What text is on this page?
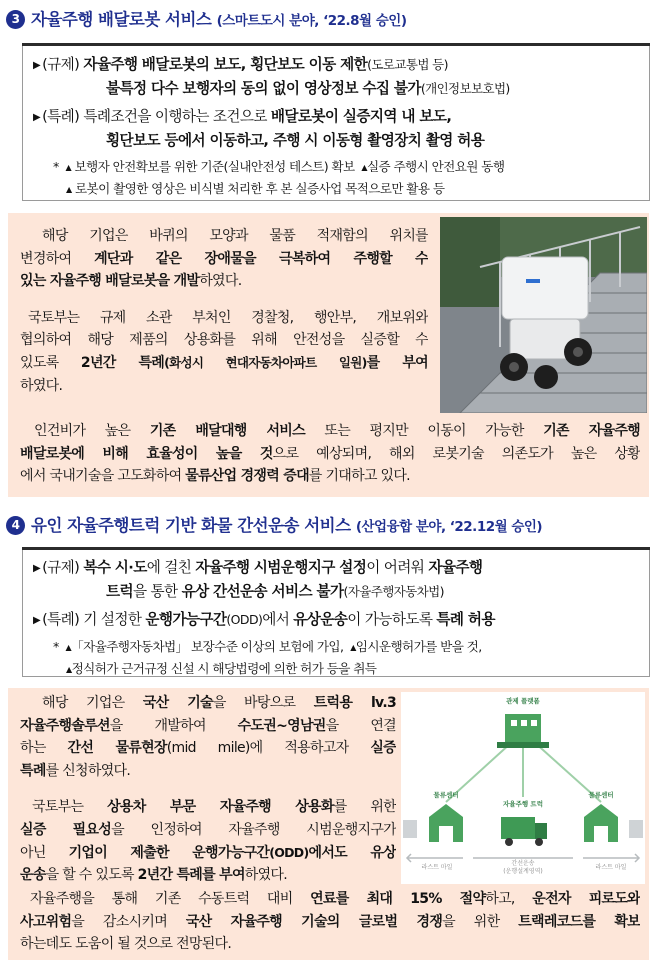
3 자율주행 배달로봇 서비스 (스마트도시 분야, ‘22.8월 승인)
▶ (규제) 자율주행 배달로봇의 보도, 횡단보도 이동 제한(도로교통법 등)
불특정 다수 보행자의 동의 없이 영상정보 수집 불가(개인정보보호법)
▶ (특례) 특례조건을 이행하는 조건으로 배달로봇이 실증지역 내 보도,
횡단보도 등에서 이동하고, 주행 시 이동형 촬영장치 촬영 허용
* ▲ 보행자 안전확보를 위한 기준(실내안전성 테스트) 확보 ▲실증 주행시 안전요원 동행
▲ 로봇이 촬영한 영상은 비식별 처리한 후 본 실증사업 목적으로만 활용 등
해당 기업은 바퀴의 모양과 물품 적재함의 위치를
변경하여 계단과 같은 장애물을 극복하여 주행할 수
있는 자율주행 배달로봇을 개발하였다.
국토부는 규제 소관 부처인 경찰청, 행안부, 개보위와
협의하여 해당 제품의 상용화를 위해 안전성을 실증할 수
있도록 2년간 특례(화성시 현대자동차아파트 일원)를 부여
하였다.
인건비가 높은 기존 배달대행 서비스 또는 평지만 이동이 가능한 기존 자율주행
배달로봇에 비해 효율성이 높을 것으로 예상되며, 해외 로봇기술 의존도가 높은 상황
에서 국내기술을 고도화하여 물류산업 경쟁력 증대를 기대하고 있다.
4 유인 자율주행트럭 기반 화물 간선운송 서비스 (산업융합 분야, ‘22.12월 승인)
▶ (규제) 복수 시·도에 걸친 자율주행 시범운행지구 설정이 어려워 자율주행
트럭을 통한 유상 간선운송 서비스 불가(자율주행자동차법)
▶ (특례) 기 설정한 운행가능구간(ODD)에서 유상운송이 가능하도록 특례 허용
* ▲「자율주행자동차법」 보장수준 이상의 보험에 가입, ▲임시운행허가를 받을 것,
▲정식허가 근거규정 신설 시 해당법령에 의한 허가 등을 취득
관제 플랫폼
물류센터
자율주행 트럭
물류센터
라스트 마일
간선운송
(운행설계영역)
라스트 마일
해당 기업은 국산 기술을 바탕으로 트럭용 lv.3
자율주행솔루션을 개발하여 수도권~영남권을 연결
하는 간선 물류현장(mid mile)에 적용하고자 실증
특례를 신청하였다.
국토부는 상용차 부문 자율주행 상용화를 위한
실증 필요성을 인정하여 자율주행 시범운행지구가
아닌 기업이 제출한 운행가능구간(ODD)에서도 유상
운송을 할 수 있도록 2년간 특례를 부여하였다.
자율주행을 통해 기존 수동트럭 대비 연료를 최대 15% 절약하고, 운전자 피로도와
사고위험을 감소시키며 국산 자율주행 기술의 글로벌 경쟁을 위한 트랙레코드를 확보
하는데도 도움이 될 것으로 전망된다.
